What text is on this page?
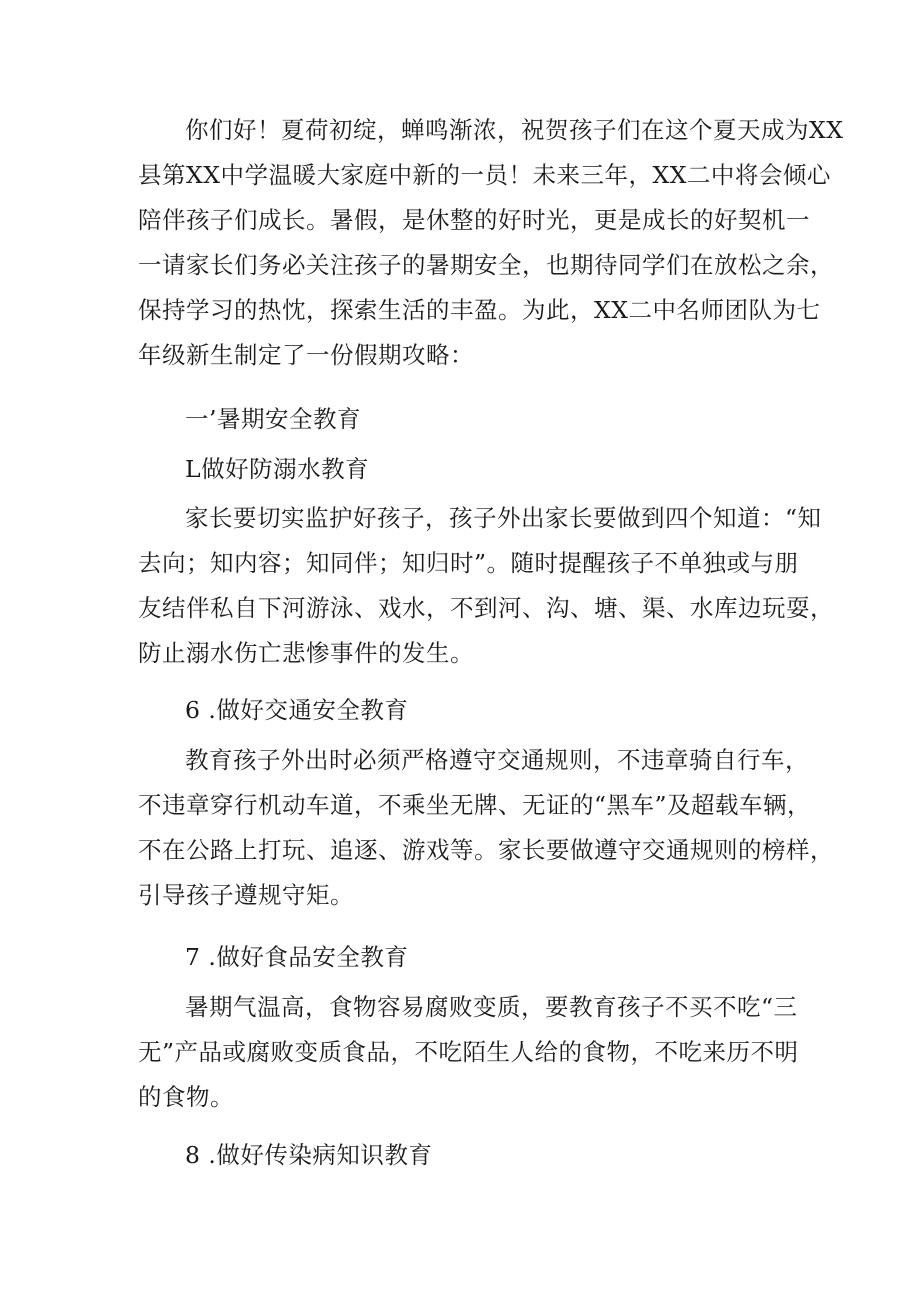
你们好！夏荷初绽，蝉鸣渐浓，祝贺孩子们在这个夏天成为XX
县第XX中学温暖大家庭中新的一员！未来三年，XX二中将会倾心
陪伴孩子们成长。暑假，是休整的好时光，更是成长的好契机一
一请家长们务必关注孩子的暑期安全，也期待同学们在放松之余，
保持学习的热忱，探索生活的丰盈。为此，XX二中名师团队为七
年级新生制定了一份假期攻略：
一’暑期安全教育
L做好防溺水教育
家长要切实监护好孩子，孩子外出家长要做到四个知道：“知
去向；知内容；知同伴；知归时”。随时提醒孩子不单独或与朋
友结伴私自下河游泳、戏水，不到河、沟、塘、渠、水库边玩耍，
防止溺水伤亡悲惨事件的发生。
6 .做好交通安全教育
教育孩子外出时必须严格遵守交通规则，不违章骑自行车，
不违章穿行机动车道，不乘坐无牌、无证的“黑车”及超载车辆，
不在公路上打玩、追逐、游戏等。家长要做遵守交通规则的榜样，
引导孩子遵规守矩。
7 .做好食品安全教育
暑期气温高，食物容易腐败变质，要教育孩子不买不吃“三
无”产品或腐败变质食品，不吃陌生人给的食物，不吃来历不明
的食物。
8 .做好传染病知识教育
